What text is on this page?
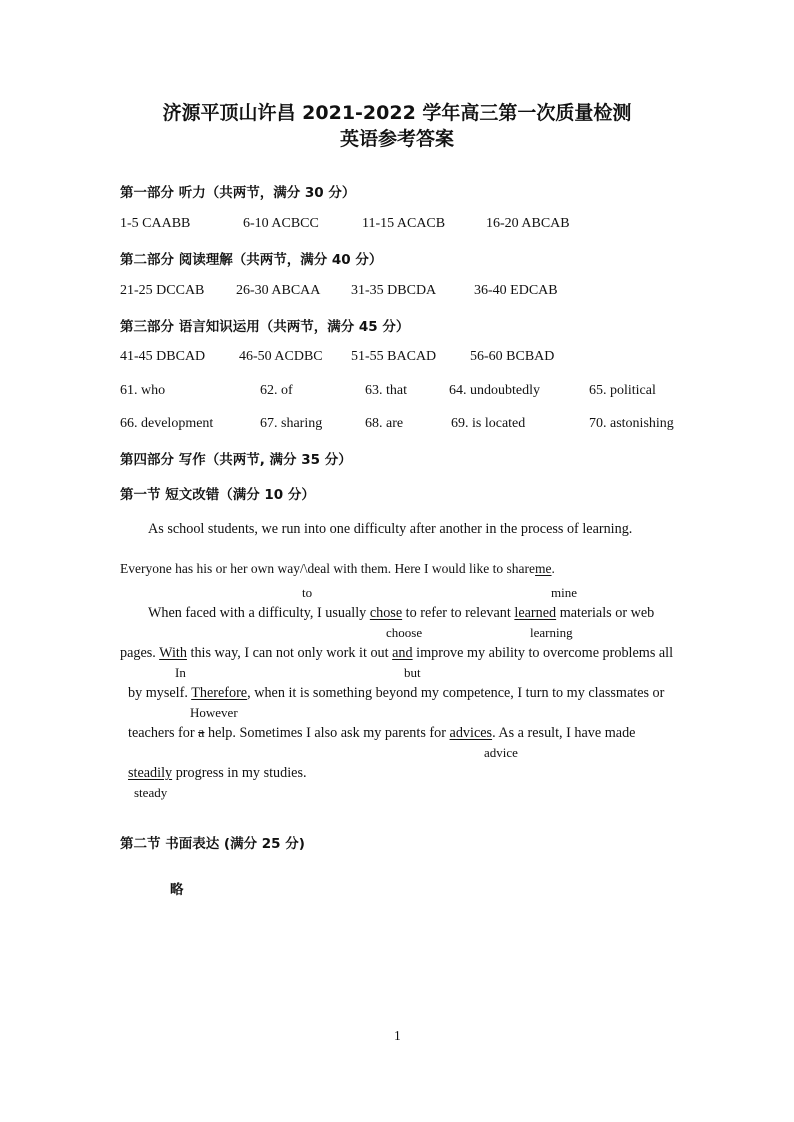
济源平顶山许昌 2021-2022 学年高三第一次质量检测
英语参考答案
第一部分 听力（共两节，满分 30 分）
1-5 CAABB	6-10 ACBCC	11-15 ACACB	16-20 ABCAB
第二部分 阅读理解（共两节，满分 40 分）
21-25 DCCAB 26-30 ABCAA 31-35 DBCDA	36-40 EDCAB
第三部分 语言知识运用（共两节，满分 45 分）
41-45 DBCAD 46-50 ACDBC 51-55 BACAD 56-60 BCBAD
61. who	62. of	63. that	64. undoubtedly	65. political
66. development	67. sharing	68. are	69. is located	70. astonishing
第四部分 写作（共两节, 满分 35 分）
第一节 短文改错（满分 10 分）
As school students, we run into one difficulty after another in the process of learning.
Everyone has his or her own way/\deal with them. Here I would like to shareme.
to	mine
When faced with a difficulty, I usually chose to refer to relevant learned materials or web
choose	learning
pages. With this way, I can not only work it out and improve my ability to overcome problems all
In	but
by myself. Therefore, when it is something beyond my competence, I turn to my classmates or
However
teachers for a help. Sometimes I also ask my parents for advices. As a result, I have made
advice
steadily progress in my studies.
steady
第二节 书面表达 (满分 25 分)
略
1
